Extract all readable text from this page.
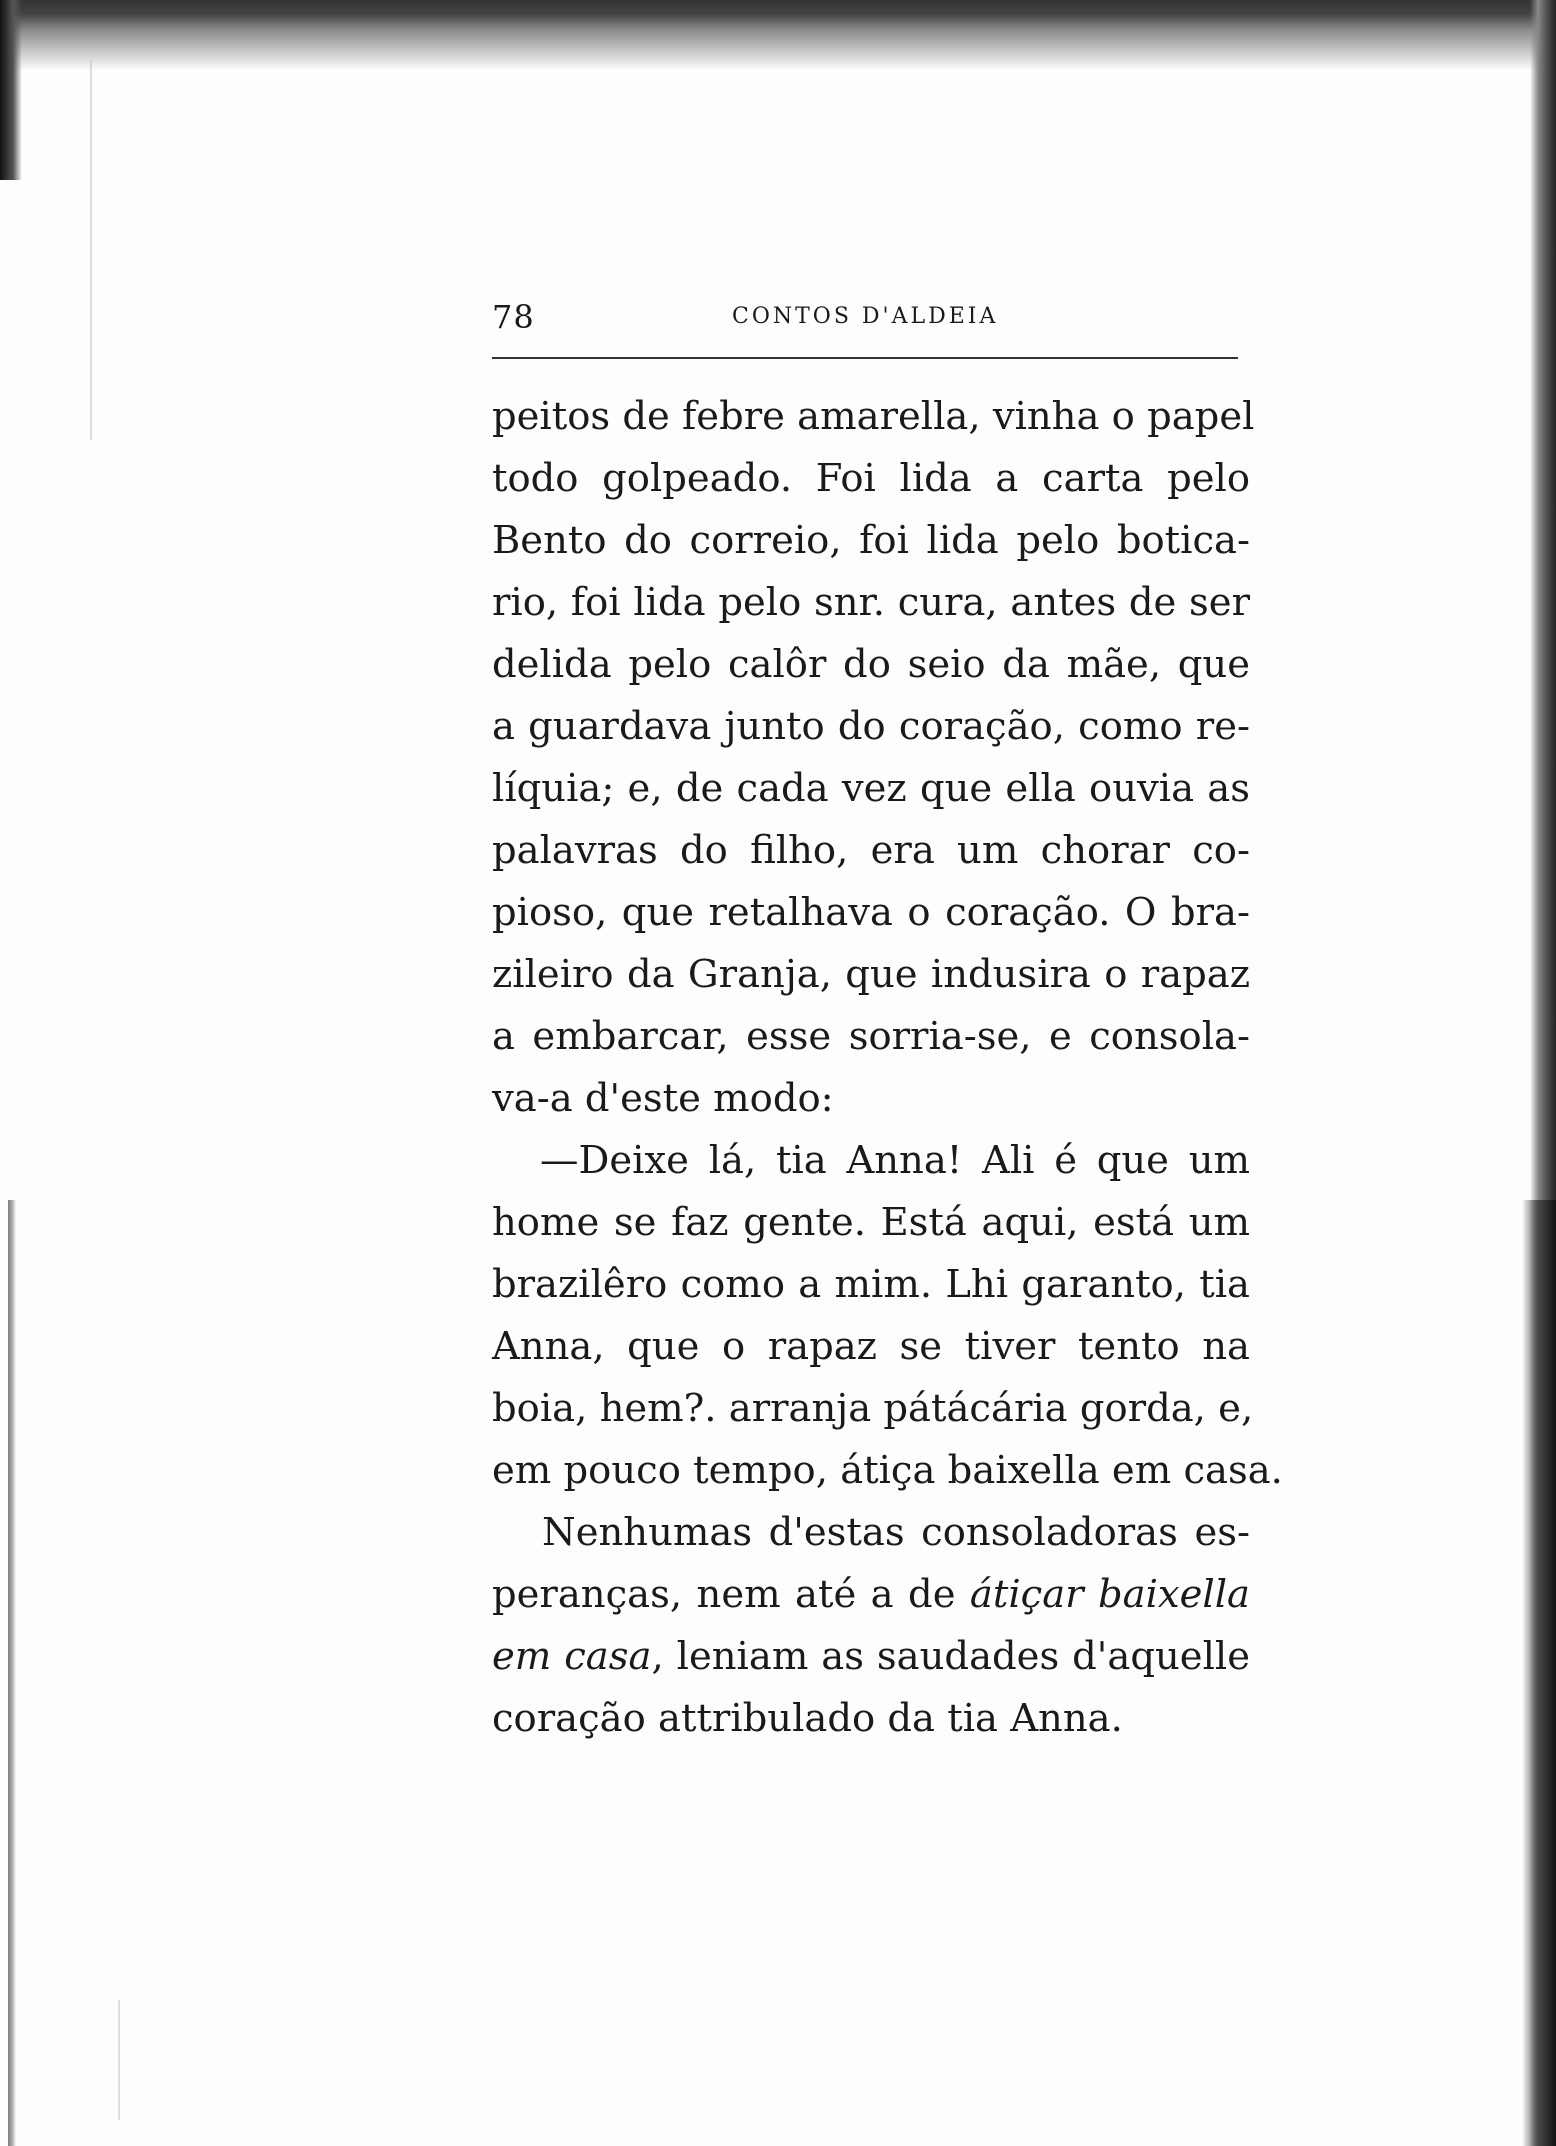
78	CONTOS D'ALDEIA
peitos de febre amarella, vinha o papel
todo golpeado. Foi lida a carta pelo
Bento do correio, foi lida pelo botica-
rio, foi lida pelo snr. cura, antes de ser
delida pelo calôr do seio da mãe, que
a guardava junto do coração, como re-
líquia; e, de cada vez que ella ouvia as
palavras do filho, era um chorar co-
pioso, que retalhava o coração. O bra-
zileiro da Granja, que indusira o rapaz
a embarcar, esse sorria-se, e consola-
va-a d'este modo:
—Deixe lá, tia Anna! Ali é que um
home se faz gente. Está aqui, está um
brazilêro como a mim. Lhi garanto, tia
Anna, que o rapaz se tiver tento na
boia, hem?. arranja pátácária gorda, e,
em pouco tempo, átiça baixella em casa.
Nenhumas d'estas consoladoras es-
peranças, nem até a de átiçar baixella
em casa, leniam as saudades d'aquelle
coração attribulado da tia Anna.
